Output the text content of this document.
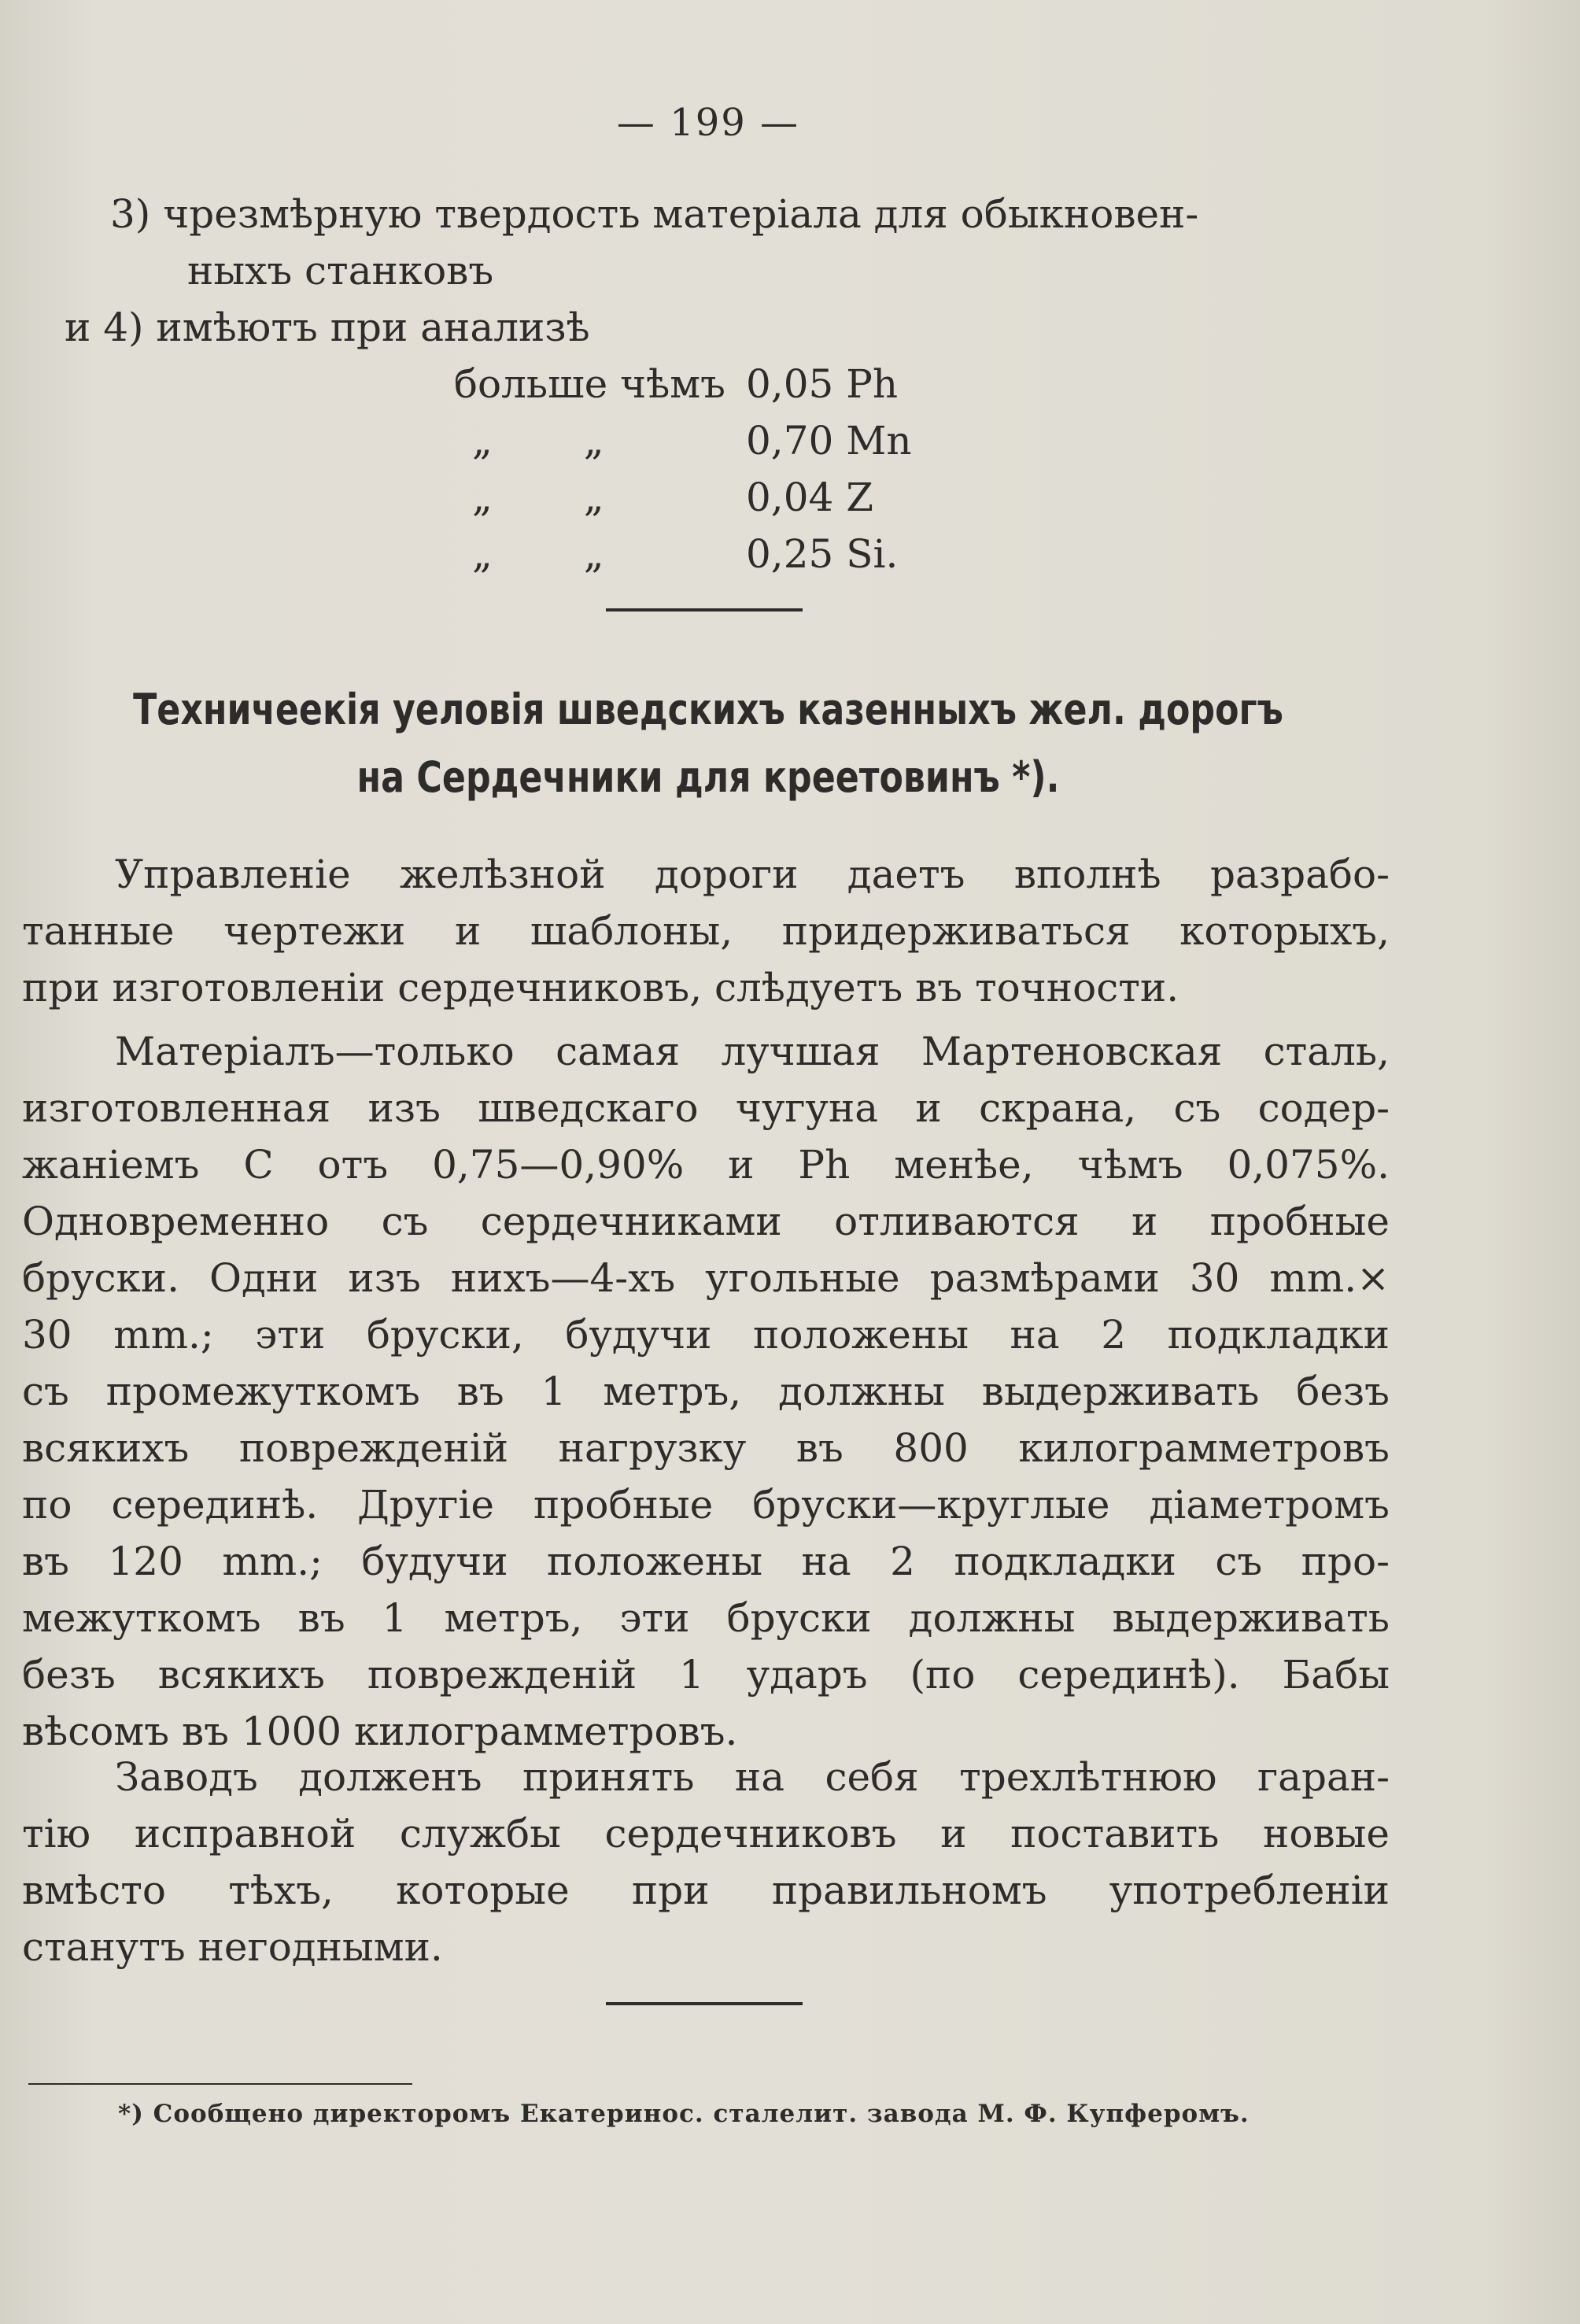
— 199 —
3) чрезмѣрную твердость матеріала для обыкновен-
ныхъ станковъ
и 4) имѣютъ при анализѣ
больше чѣмъ 0,05 Ph
„ „	0,70 Mn
„ „	0,04 Z
„ „	0,25 Si.
Техничеекія уеловія шведскихъ казенныхъ жел. дорогъ
на Сердечники для креетовинъ *).
Управленіе желѣзной дороги даетъ вполнѣ разрабо-
танные чертежи и шаблоны, придерживаться которыхъ,
при изготовленіи сердечниковъ, слѣдуетъ въ точности.
Матеріалъ—только самая лучшая Мартеновская сталь,
изготовленная изъ шведскаго чугуна и скрана, съ содер-
жаніемъ С отъ 0,75—0,90% и Ph менѣе, чѣмъ 0,075%.
Одновременно съ сердечниками отливаются и пробные
бруски. Одни изъ нихъ—4-хъ угольные размѣрами 30 mm.×
30 mm.; эти бруски, будучи положены на 2 подкладки
съ промежуткомъ въ 1 метръ, должны выдерживать безъ
всякихъ поврежденій нагрузку въ 800 килограмметровъ
по серединѣ. Другіе пробные бруски—круглые діаметромъ
въ 120 mm.; будучи положены на 2 подкладки съ про-
межуткомъ въ 1 метръ, эти бруски должны выдерживать
безъ всякихъ поврежденій 1 ударъ (по серединѣ). Бабы
вѣсомъ въ 1000 килограмметровъ.
Заводъ долженъ принять на себя трехлѣтнюю гаран-
тію исправной службы сердечниковъ и поставить новые
вмѣсто тѣхъ, которые при правильномъ употребленіи
станутъ негодными.
*) Сообщено директоромъ Екатеринос. сталелит. завода М. Ф. Купферомъ.
